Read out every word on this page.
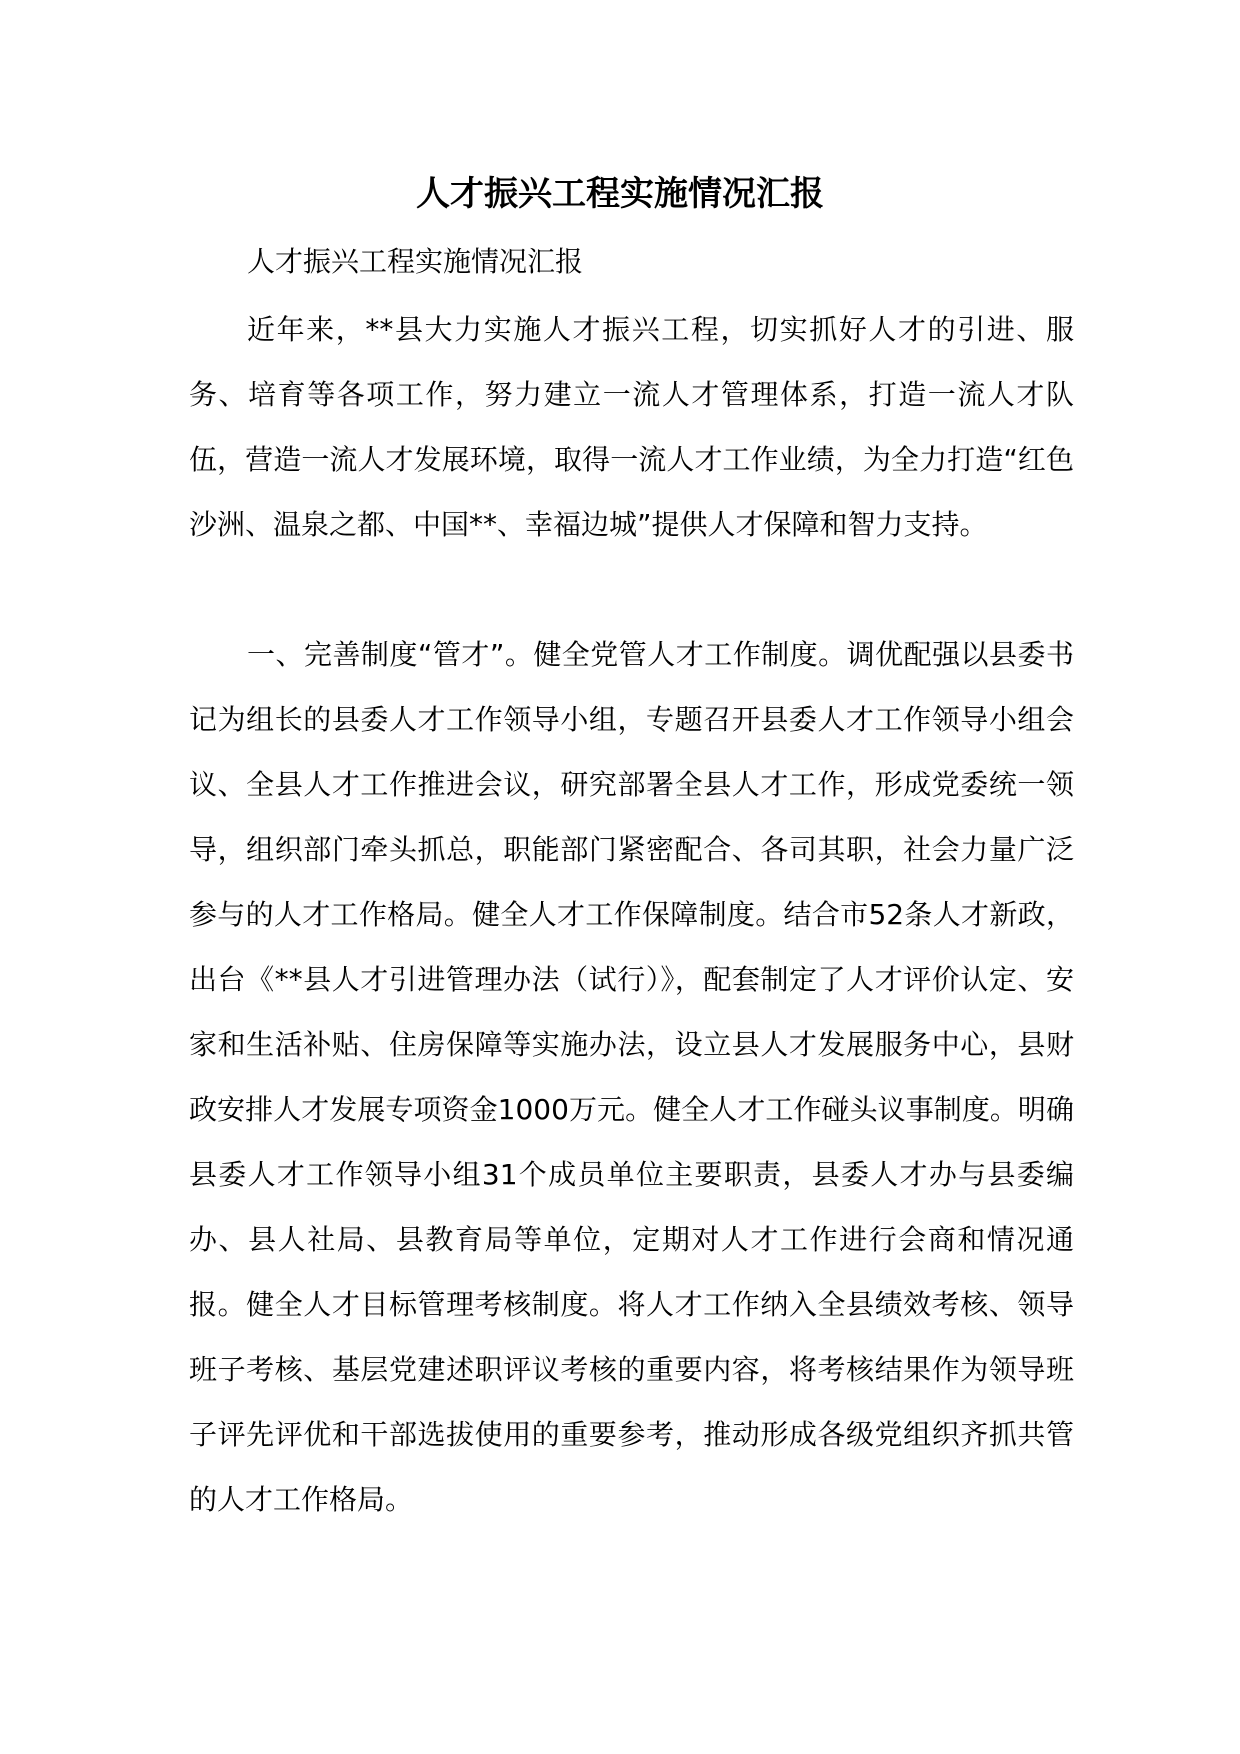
人才振兴工程实施情况汇报

人才振兴工程实施情况汇报

近年来，**县大力实施人才振兴工程，切实抓好人才的引进、服务、培育等各项工作，努力建立一流人才管理体系，打造一流人才队伍，营造一流人才发展环境，取得一流人才工作业绩，为全力打造“红色沙洲、温泉之都、中国**、幸福边城”提供人才保障和智力支持。

一、完善制度“管才”。健全党管人才工作制度。调优配强以县委书记为组长的县委人才工作领导小组，专题召开县委人才工作领导小组会议、全县人才工作推进会议，研究部署全县人才工作，形成党委统一领导，组织部门牵头抓总，职能部门紧密配合、各司其职，社会力量广泛参与的人才工作格局。健全人才工作保障制度。结合市52条人才新政，出台《**县人才引进管理办法（试行）》，配套制定了人才评价认定、安家和生活补贴、住房保障等实施办法，设立县人才发展服务中心，县财政安排人才发展专项资金1000万元。健全人才工作碰头议事制度。明确县委人才工作领导小组31个成员单位主要职责，县委人才办与县委编办、县人社局、县教育局等单位，定期对人才工作进行会商和情况通报。健全人才目标管理考核制度。将人才工作纳入全县绩效考核、领导班子考核、基层党建述职评议考核的重要内容，将考核结果作为领导班子评先评优和干部选拔使用的重要参考，推动形成各级党组织齐抓共管的人才工作格局。
